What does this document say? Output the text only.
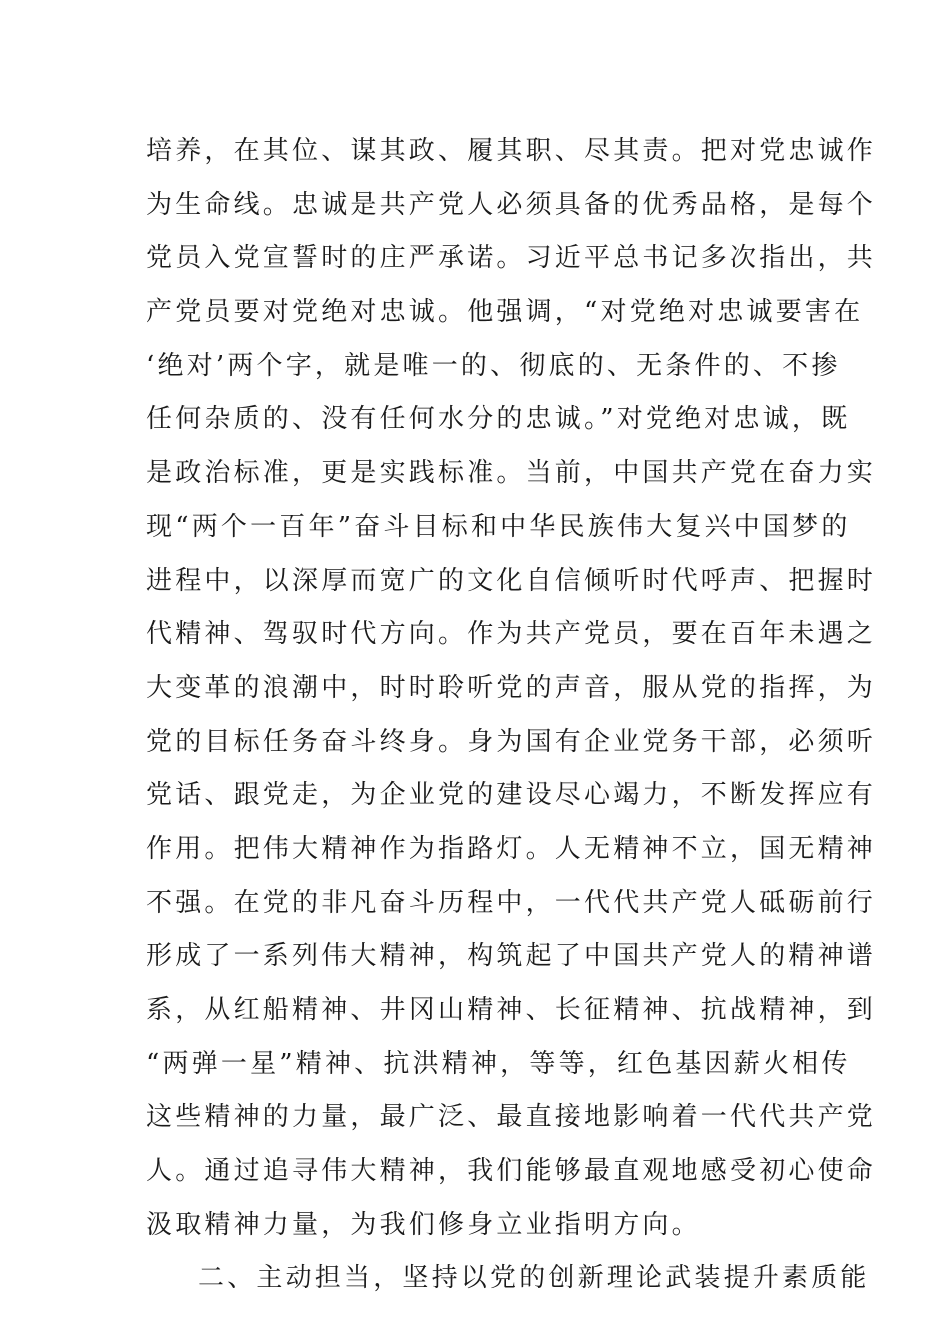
培养，在其位、谋其政、履其职、尽其责。把对党忠诚作
为生命线。忠诚是共产党人必须具备的优秀品格，是每个
党员入党宣誓时的庄严承诺。习近平总书记多次指出，共
产党员要对党绝对忠诚。他强调，“对党绝对忠诚要害在
‘绝对’两个字，就是唯一的、彻底的、无条件的、不掺
任何杂质的、没有任何水分的忠诚。”对党绝对忠诚，既
是政治标准，更是实践标准。当前，中国共产党在奋力实
现“两个一百年”奋斗目标和中华民族伟大复兴中国梦的
进程中，以深厚而宽广的文化自信倾听时代呼声、把握时
代精神、驾驭时代方向。作为共产党员，要在百年未遇之
大变革的浪潮中，时时聆听党的声音，服从党的指挥，为
党的目标任务奋斗终身。身为国有企业党务干部，必须听
党话、跟党走，为企业党的建设尽心竭力，不断发挥应有
作用。把伟大精神作为指路灯。人无精神不立，国无精神
不强。在党的非凡奋斗历程中，一代代共产党人砥砺前行
形成了一系列伟大精神，构筑起了中国共产党人的精神谱
系，从红船精神、井冈山精神、长征精神、抗战精神，到
“两弹一星”精神、抗洪精神，等等，红色基因薪火相传
这些精神的力量，最广泛、最直接地影响着一代代共产党
人。通过追寻伟大精神，我们能够最直观地感受初心使命
汲取精神力量，为我们修身立业指明方向。
二、主动担当，坚持以党的创新理论武装提升素质能
